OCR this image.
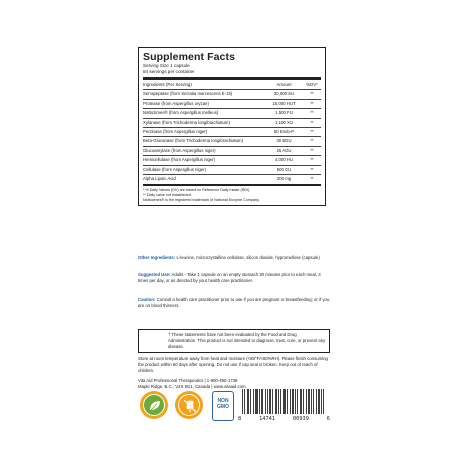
Supplement Facts
Serving Size 1 capsule
84 servings per container
Ingredients (Per Serving)	Amount	%DV*
Serrapeptase (from Serratia marcescens E-15)	30,000 SU	**
Protease (from Aspergillus oryzae)	15,000 HUT	**
Nattozimes® (from Aspergillus melleus)	1,500 FU	**
Xylanase (from Trichoderma longibrachiatum)	1,100 XU	**
Pectinase (from Aspergillus niger)	50 Endo-P	**
Beta-Glucanase (from Trichoderma longibrachiatum)	30 BGU	**
Glucoamylase (from Aspergillus niger)	25 AGU	**
Hemicellulase (from Aspergillus niger)	4,000 HU	**
Cellulase (from Aspergillus niger)	500 CU	**
Alpha Lipoic Acid	200 mg	**
* % Daily Values (DV) are based on Reference Daily Intake (RDI)
** Daily value not established.
Nattozimes® is the registered trademark of National Enzyme Company.
Other Ingredients: L-leucine, microcrystalline cellulose, silicon dioxide, hypromellose (capsule)
Suggested Use: Adults - Take 1 capsule on an empty stomach 30 minutes prior to each meal, 3 times per day, or as directed by your health care practitioner.
Caution: Consult a health care practitioner prior to use if you are pregnant or breastfeeding; or if you are on blood thinners.
† These statements have not been evaluated by the Food and Drug Administration. This product is not intended to diagnose, treat, cure, or prevent any disease.
Store at room temperature away from heat and moisture (<85°F/<60%RH). Please finish consuming the product within 60 days after opening. Do not use if cap seal is broken. Keep out of reach of children.
Vita Aid Professional Therapeutics | 1-800-490-1738
Maple Ridge, B.C., V2X 8G1, Canada | www.vitaaid.com
NON
GMO
8	14741	00939	6
